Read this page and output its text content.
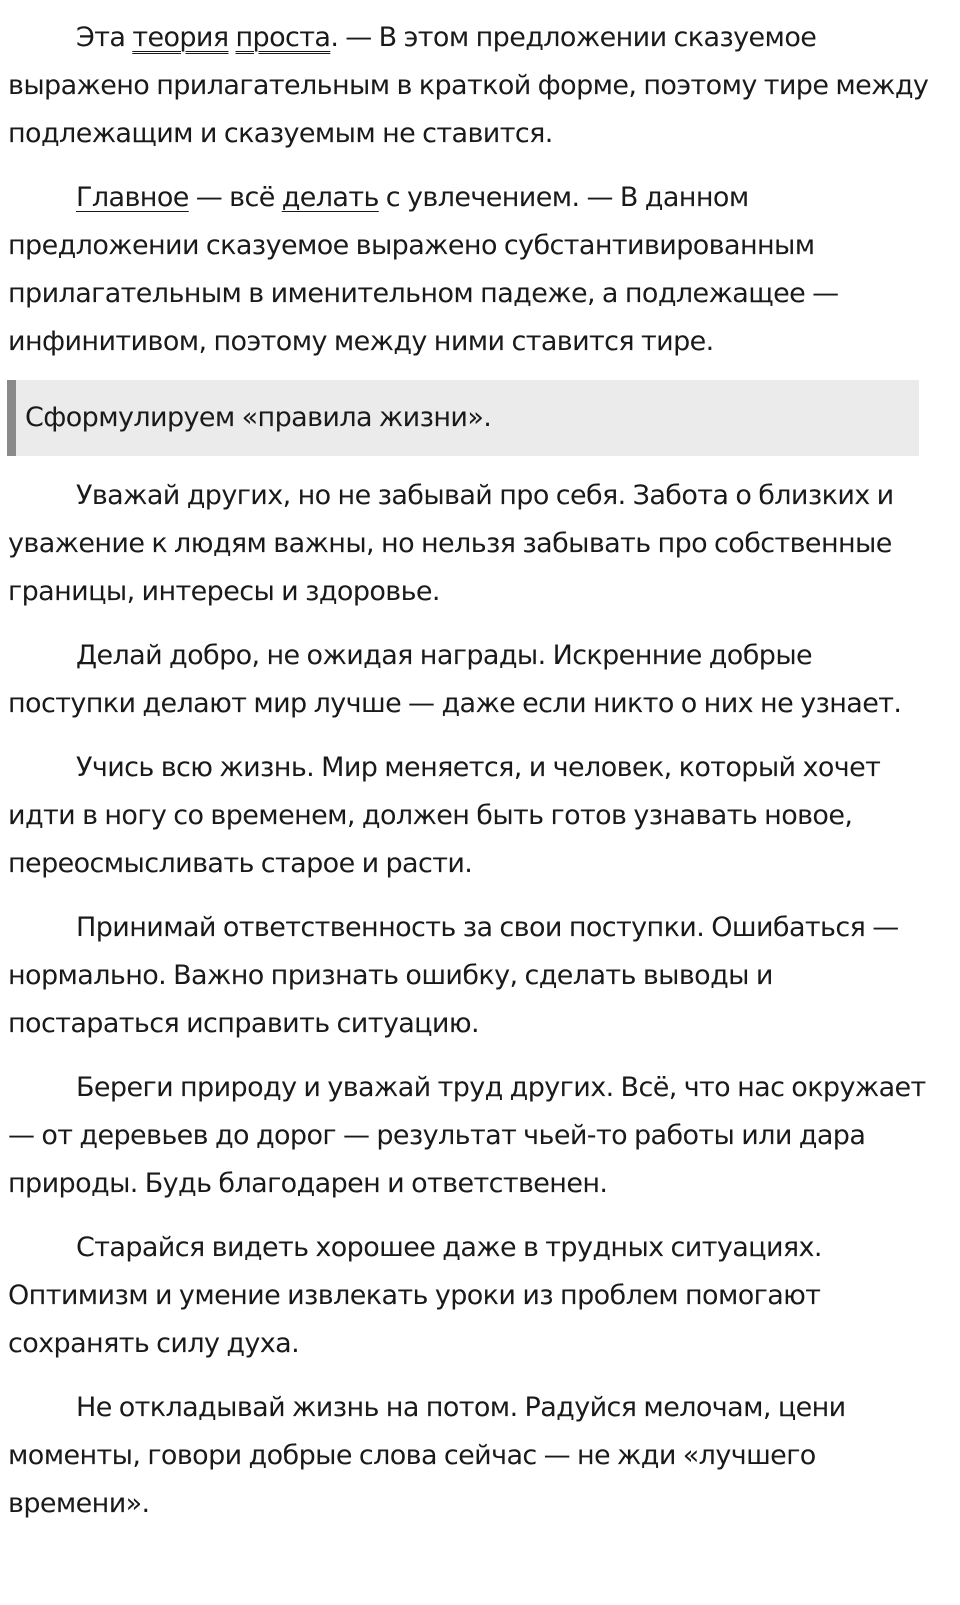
Эта теория проста. — В этом предложении сказуемое выражено прилагательным в краткой форме, поэтому тире между подлежащим и сказуемым не ставится.

Главное — всё делать с увлечением. — В данном предложении сказуемое выражено субстантивированным прилагательным в именительном падеже, а подлежащее — инфинитивом, поэтому между ними ставится тире.

Сформулируем «правила жизни».

Уважай других, но не забывай про себя. Забота о близких и уважение к людям важны, но нельзя забывать про собственные границы, интересы и здоровье.

Делай добро, не ожидая награды. Искренние добрые поступки делают мир лучше — даже если никто о них не узнает.

Учись всю жизнь. Мир меняется, и человек, который хочет идти в ногу со временем, должен быть готов узнавать новое, переосмысливать старое и расти.

Принимай ответственность за свои поступки. Ошибаться — нормально. Важно признать ошибку, сделать выводы и постараться исправить ситуацию.

Береги природу и уважай труд других. Всё, что нас окружает — от деревьев до дорог — результат чьей-то работы или дара природы. Будь благодарен и ответственен.

Старайся видеть хорошее даже в трудных ситуациях. Оптимизм и умение извлекать уроки из проблем помогают сохранять силу духа.

Не откладывай жизнь на потом. Радуйся мелочам, цени моменты, говори добрые слова сейчас — не жди «лучшего времени».
